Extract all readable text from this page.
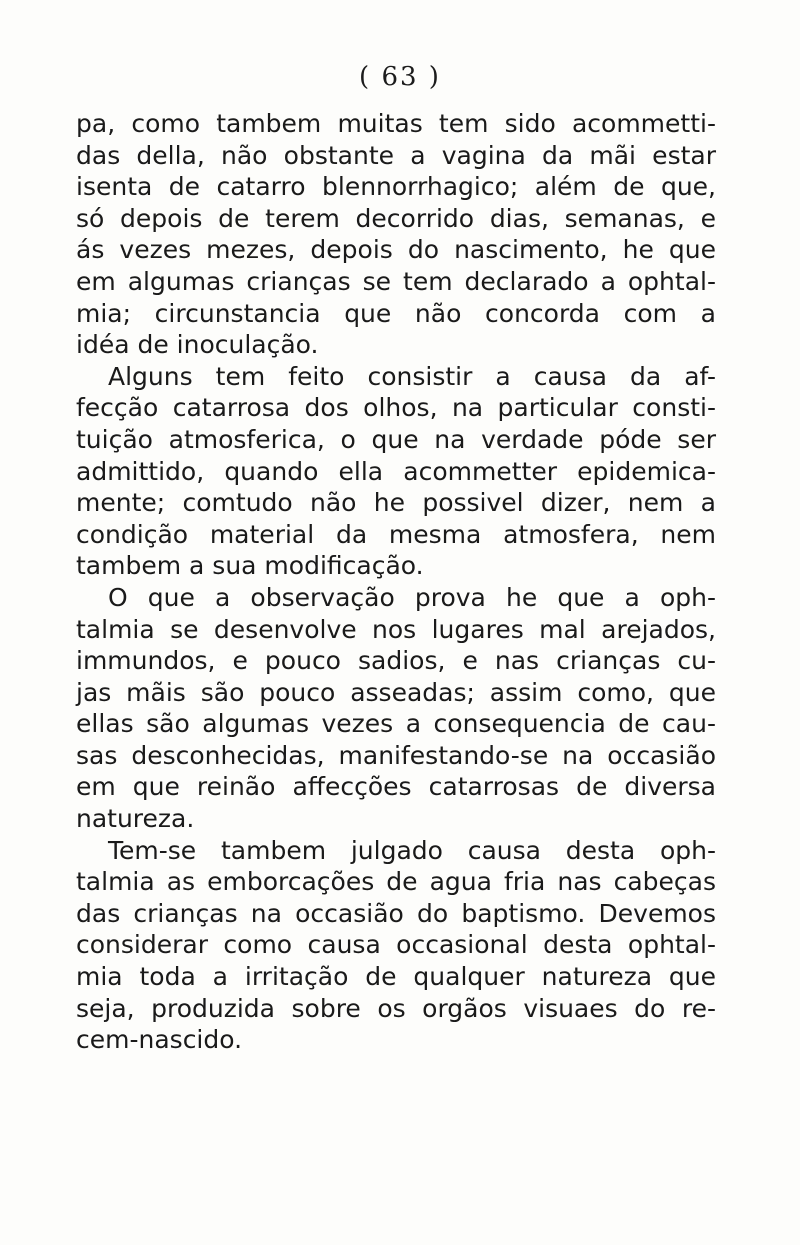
( 63 )
pa, como tambem muitas tem sido acommetti-
das della, não obstante a vagina da mãi estar
isenta de catarro blennorrhagico; além de que,
só depois de terem decorrido dias, semanas, e
ás vezes mezes, depois do nascimento, he que
em algumas crianças se tem declarado a ophtal-
mia; circunstancia que não concorda com a
idéa de inoculação.
Alguns tem feito consistir a causa da af-
fecção catarrosa dos olhos, na particular consti-
tuição atmosferica, o que na verdade póde ser
admittido, quando ella acommetter epidemica-
mente; comtudo não he possivel dizer, nem a
condição material da mesma atmosfera, nem
tambem a sua modificação.
O que a observação prova he que a oph-
talmia se desenvolve nos lugares mal arejados,
immundos, e pouco sadios, e nas crianças cu-
jas mãis são pouco asseadas; assim como, que
ellas são algumas vezes a consequencia de cau-
sas desconhecidas, manifestando-se na occasião
em que reinão affecções catarrosas de diversa
natureza.
Tem-se tambem julgado causa desta oph-
talmia as emborcações de agua fria nas cabeças
das crianças na occasião do baptismo. Devemos
considerar como causa occasional desta ophtal-
mia toda a irritação de qualquer natureza que
seja, produzida sobre os orgãos visuaes do re-
cem-nascido.
